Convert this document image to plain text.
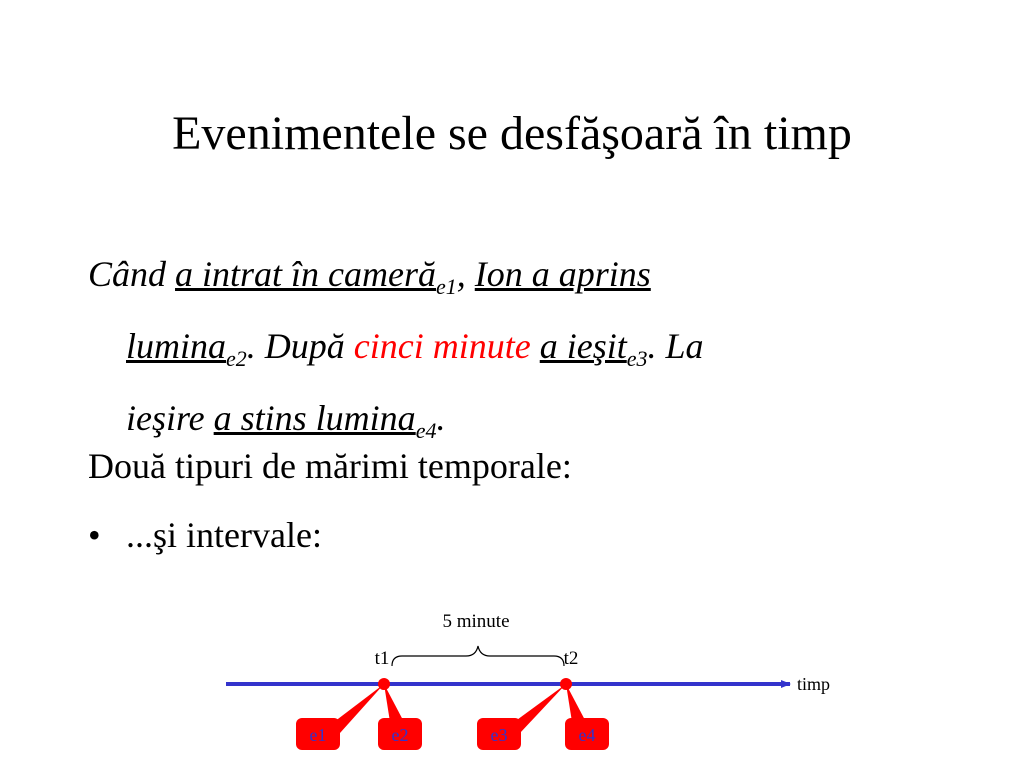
Evenimentele se desfăşoară în timp
Când a intrat în cameră$_{e1}$, Ion a aprins
lumina$_{e2}$. După cinci minute a ieşit$_{e3}$. La
ieşire a stins lumina$_{e4}$.
Două tipuri de mărimi temporale:
• ...şi intervale:
timp
5 minute
t1	t2
e1	e2	e3	e4
